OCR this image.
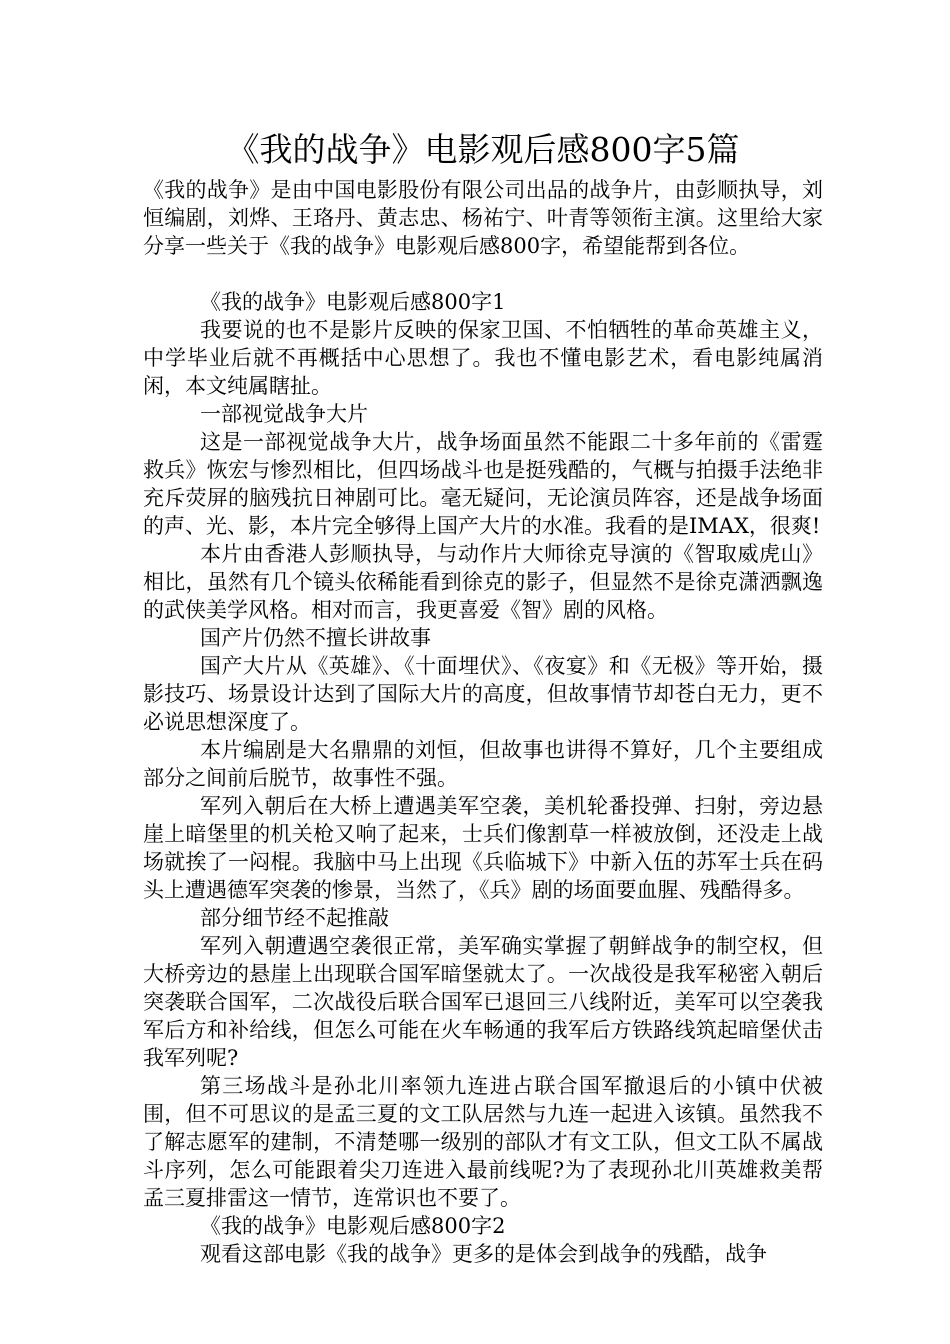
《我的战争》电影观后感800字5篇

《我的战争》是由中国电影股份有限公司出品的战争片，由彭顺执导，刘恒编剧，刘烨、王珞丹、黄志忠、杨祐宁、叶青等领衔主演。这里给大家分享一些关于《我的战争》电影观后感800字，希望能帮到各位。

《我的战争》电影观后感800字1

我要说的也不是影片反映的保家卫国、不怕牺牲的革命英雄主义，中学毕业后就不再概括中心思想了。我也不懂电影艺术，看电影纯属消闲，本文纯属瞎扯。

一部视觉战争大片

这是一部视觉战争大片，战争场面虽然不能跟二十多年前的《雷霆救兵》恢宏与惨烈相比，但四场战斗也是挺残酷的，气概与拍摄手法绝非充斥荧屏的脑残抗日神剧可比。毫无疑问，无论演员阵容，还是战争场面的声、光、影，本片完全够得上国产大片的水准。我看的是IMAX，很爽!

本片由香港人彭顺执导，与动作片大师徐克导演的《智取威虎山》相比，虽然有几个镜头依稀能看到徐克的影子，但显然不是徐克潇洒飘逸的武侠美学风格。相对而言，我更喜爱《智》剧的风格。

国产片仍然不擅长讲故事

国产大片从《英雄》、《十面埋伏》、《夜宴》和《无极》等开始，摄影技巧、场景设计达到了国际大片的高度，但故事情节却苍白无力，更不必说思想深度了。

本片编剧是大名鼎鼎的刘恒，但故事也讲得不算好，几个主要组成部分之间前后脱节，故事性不强。

军列入朝后在大桥上遭遇美军空袭，美机轮番投弹、扫射，旁边悬崖上暗堡里的机关枪又响了起来，士兵们像割草一样被放倒，还没走上战场就挨了一闷棍。我脑中马上出现《兵临城下》中新入伍的苏军士兵在码头上遭遇德军突袭的惨景，当然了，《兵》剧的场面要血腥、残酷得多。

部分细节经不起推敲

军列入朝遭遇空袭很正常，美军确实掌握了朝鲜战争的制空权，但大桥旁边的悬崖上出现联合国军暗堡就太了。一次战役是我军秘密入朝后突袭联合国军，二次战役后联合国军已退回三八线附近，美军可以空袭我军后方和补给线，但怎么可能在火车畅通的我军后方铁路线筑起暗堡伏击我军列呢?

第三场战斗是孙北川率领九连进占联合国军撤退后的小镇中伏被围，但不可思议的是孟三夏的文工队居然与九连一起进入该镇。虽然我不了解志愿军的建制，不清楚哪一级别的部队才有文工队，但文工队不属战斗序列，怎么可能跟着尖刀连进入最前线呢?为了表现孙北川英雄救美帮孟三夏排雷这一情节，连常识也不要了。

《我的战争》电影观后感800字2

观看这部电影《我的战争》更多的是体会到战争的残酷，战争
